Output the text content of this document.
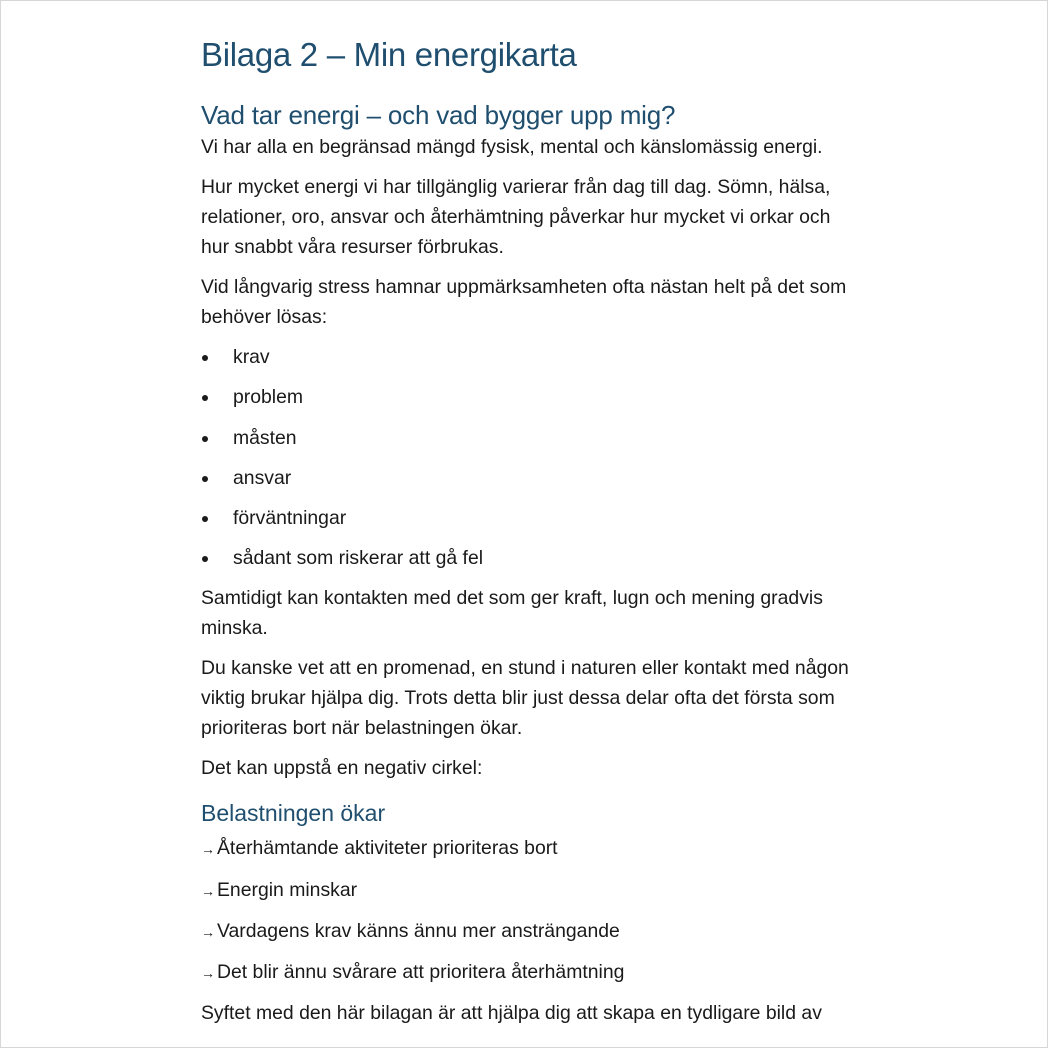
Bilaga 2 – Min energikarta
Vad tar energi – och vad bygger upp mig?

Vi har alla en begränsad mängd fysisk, mental och känslomässig energi.

Hur mycket energi vi har tillgänglig varierar från dag till dag. Sömn, hälsa, relationer, oro, ansvar och återhämtning påverkar hur mycket vi orkar och hur snabbt våra resurser förbrukas.

Vid långvarig stress hamnar uppmärksamheten ofta nästan helt på det som behöver lösas:

krav
problem
måsten
ansvar
förväntningar
sådant som riskerar att gå fel

Samtidigt kan kontakten med det som ger kraft, lugn och mening gradvis minska.

Du kanske vet att en promenad, en stund i naturen eller kontakt med någon viktig brukar hjälpa dig. Trots detta blir just dessa delar ofta det första som prioriteras bort när belastningen ökar.

Det kan uppstå en negativ cirkel:

Belastningen ökar
→ Återhämtande aktiviteter prioriteras bort
→ Energin minskar
→ Vardagens krav känns ännu mer ansträngande
→ Det blir ännu svårare att prioritera återhämtning

Syftet med den här bilagan är att hjälpa dig att skapa en tydligare bild av
